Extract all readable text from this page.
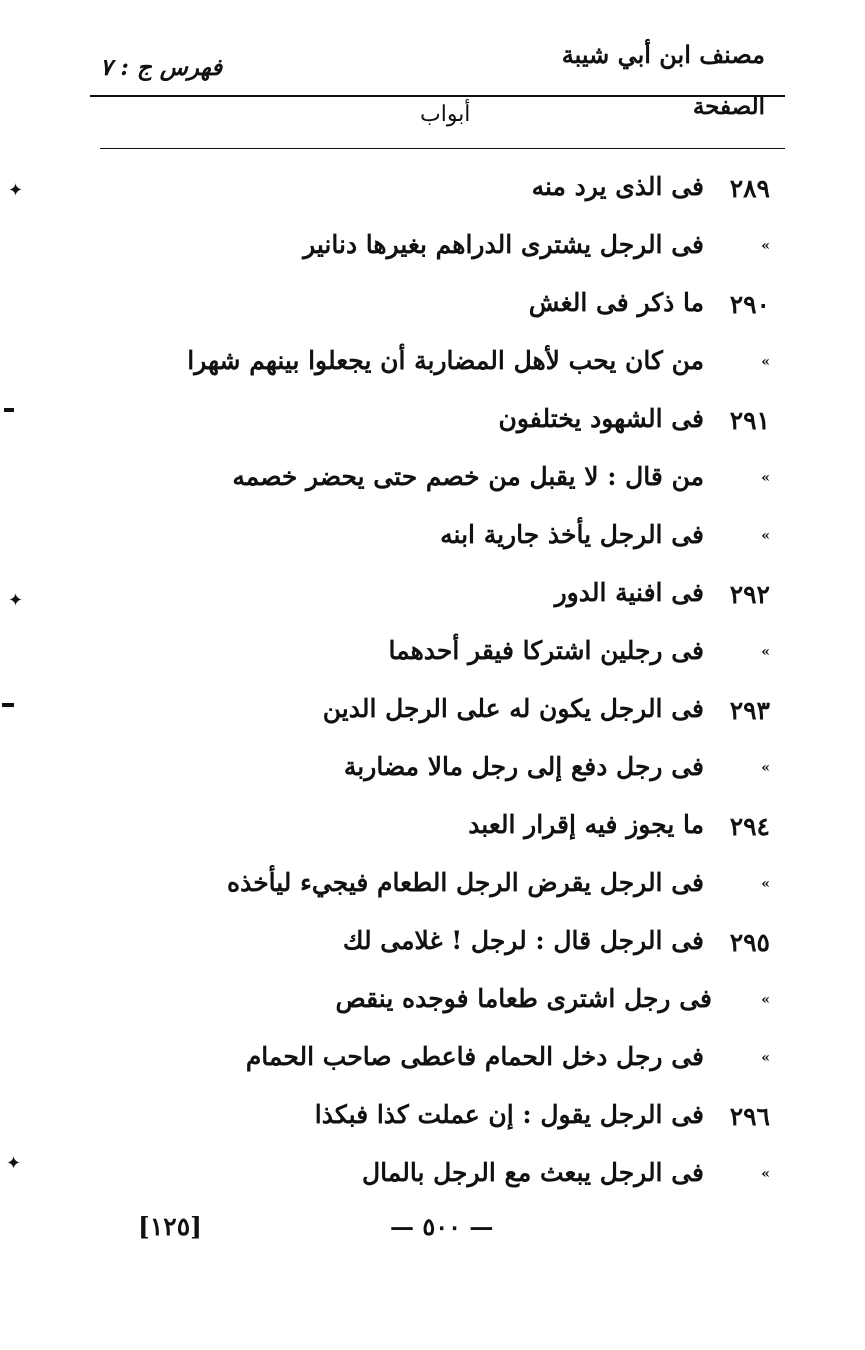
مصنف ابن أبي شيبة
فهرس ج : ٧
الصفحة
أبواب
٢٨٩
فى الذى يرد منه
»
فى الرجل يشترى الدراهم بغيرها دنانير
٢٩٠
ما ذكر فى الغش
»
من كان يحب لأهل المضاربة أن يجعلوا بينهم شهرا
٢٩١
فى الشهود يختلفون
»
من قال : لا يقبل من خصم حتى يحضر خصمه
»
فى الرجل يأخذ جارية ابنه
٢٩٢
فى افنية الدور
»
فى رجلين اشتركا فيقر أحدهما
٢٩٣
فى الرجل يكون له على الرجل الدين
»
فى رجل دفع إلى رجل مالا مضاربة
٢٩٤
ما يجوز فيه إقرار العبد
»
فى الرجل يقرض الرجل الطعام فيجيء ليأخذه
٢٩٥
فى الرجل قال : لرجل ! غلامى لك
»
فى رجل اشترى طعاما فوجده ينقص
»
فى رجل دخل الحمام فاعطى صاحب الحمام
٢٩٦
فى الرجل يقول : إن عملت كذا فبكذا
»
فى الرجل يبعث مع الرجل بالمال
— ٥٠٠ —
[١٢٥]
✦
✦
✦
